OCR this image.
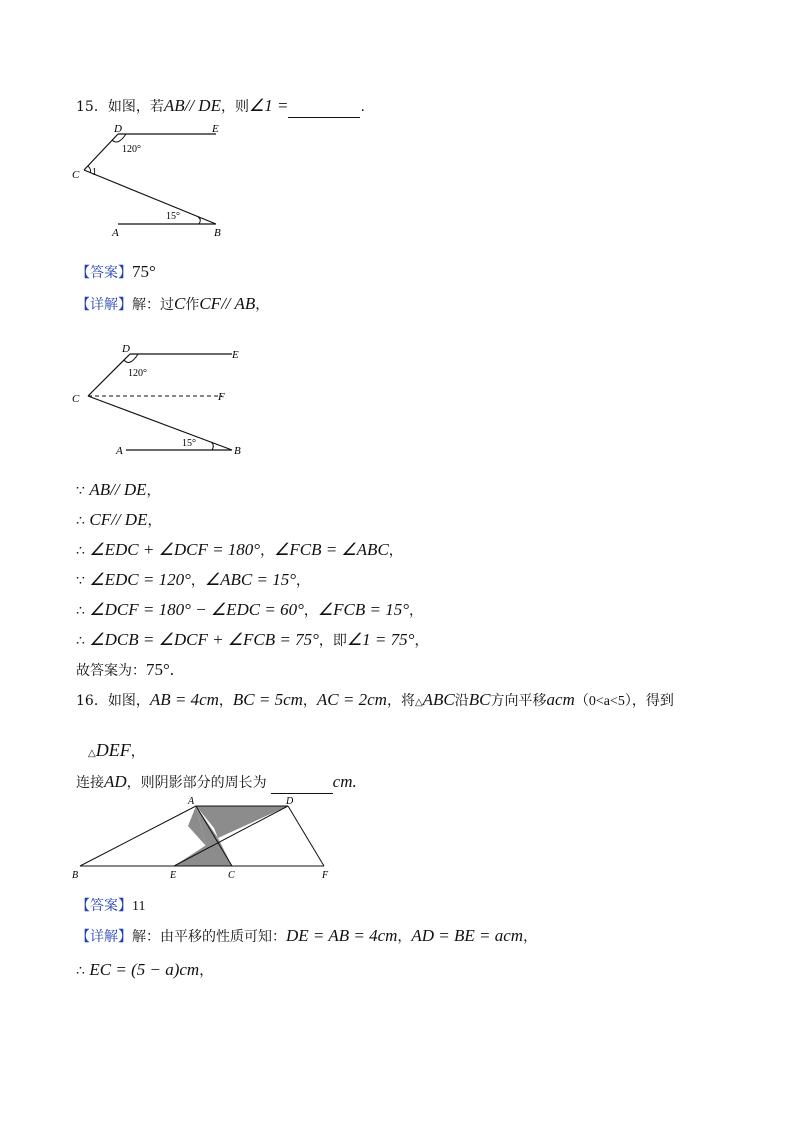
15．如图，若AB// DE，则∠1 =	.
D	E
C 1
120°
15°
A	B
【答案】75°
【详解】解：过C作CF// AB，
D	E
C	F
120°
15°
A	B
∵ AB// DE，
∴ CF// DE，
∴ ∠EDC + ∠DCF = 180°，∠FCB = ∠ABC，
∵ ∠EDC = 120°，∠ABC = 15°，
∴ ∠DCF = 180° − ∠EDC = 60°，∠FCB = 15°，
∴ ∠DCB = ∠DCF + ∠FCB = 75°，即∠1 = 75°，
故答案为：75°.
16．如图，AB = 4cm，BC = 5cm，AC = 2cm，将△ABC沿BC方向平移acm（0<a<5），得到
△DEF，
连接AD，则阴影部分的周长为	cm.
A	D
B	E	C	F
【答案】11
【详解】解：由平移的性质可知：DE = AB = 4cm，AD = BE = acm，
∴ EC = (5 − a)cm，
